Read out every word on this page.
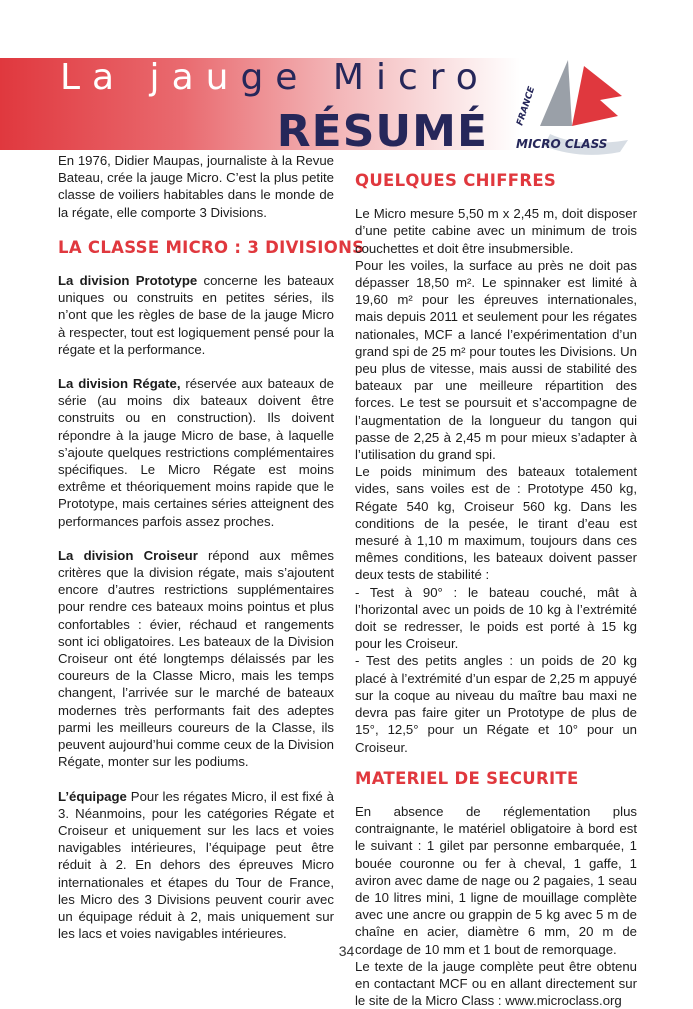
La jauge Micro
RÉSUMÉ	FRANCE
MICRO CLASS

En 1976, Didier Maupas, journaliste à la Revue Bateau, crée la jauge Micro. C’est la plus petite classe de voiliers habitables dans le monde de la régate, elle comporte 3 Divisions.

LA CLASSE MICRO : 3 DIVISIONS

La division Prototype concerne les bateaux uniques ou construits en petites séries, ils n’ont que les règles de base de la jauge Micro à respecter, tout est logiquement pensé pour la régate et la performance.

La division Régate, réservée aux bateaux de série (au moins dix bateaux doivent être construits ou en construction). Ils doivent répondre à la jauge Micro de base, à laquelle s’ajoute quelques restrictions complémentaires spécifiques. Le Micro Régate est moins extrême et théoriquement moins rapide que le Prototype, mais certaines séries atteignent des performances parfois assez proches.

La division Croiseur répond aux mêmes critères que la division régate, mais s’ajoutent encore d’autres restrictions supplémentaires pour rendre ces bateaux moins pointus et plus confortables : évier, réchaud et rangements sont ici obligatoires. Les bateaux de la Division Croiseur ont été longtemps délaissés par les coureurs de la Classe Micro, mais les temps changent, l’arrivée sur le marché de bateaux modernes très performants fait des adeptes parmi les meilleurs coureurs de la Classe, ils peuvent aujourd’hui comme ceux de la Division Régate, monter sur les podiums.

L’équipage Pour les régates Micro, il est fixé à 3. Néanmoins, pour les catégories Régate et Croiseur et uniquement sur les lacs et voies navigables intérieures, l’équipage peut être réduit à 2. En dehors des épreuves Micro internationales et étapes du Tour de France, les Micro des 3 Divisions peuvent courir avec un équipage réduit à 2, mais uniquement sur les lacs et voies navigables intérieures.

QUELQUES CHIFFRES

Le Micro mesure 5,50 m x 2,45 m, doit disposer d’une petite cabine avec un minimum de trois couchettes et doit être insubmersible.

Pour les voiles, la surface au près ne doit pas dépasser 18,50 m². Le spinnaker est limité à 19,60 m² pour les épreuves internationales, mais depuis 2011 et seulement pour les régates nationales, MCF a lancé l’expérimentation d’un grand spi de 25 m² pour toutes les Divisions. Un peu plus de vitesse, mais aussi de stabilité des bateaux par une meilleure répartition des forces. Le test se poursuit et s’accompagne de l’augmentation de la longueur du tangon qui passe de 2,25 à 2,45 m pour mieux s’adapter à l’utilisation du grand spi.

Le poids minimum des bateaux totalement vides, sans voiles est de : Prototype 450 kg, Régate 540 kg, Croiseur 560 kg. Dans les conditions de la pesée, le tirant d’eau est mesuré à 1,10 m maximum, toujours dans ces mêmes conditions, les bateaux doivent passer deux tests de stabilité :

- Test à 90° : le bateau couché, mât à l’horizontal avec un poids de 10 kg à l’extrémité doit se redresser, le poids est porté à 15 kg pour les Croiseur.

- Test des petits angles : un poids de 20 kg placé à l’extrémité d’un espar de 2,25 m appuyé sur la coque au niveau du maître bau maxi ne devra pas faire giter un Prototype de plus de 15°, 12,5° pour un Régate et 10° pour un Croiseur.

MATERIEL DE SECURITE

En absence de réglementation plus contraignante, le matériel obligatoire à bord est le suivant : 1 gilet par personne embarquée, 1 bouée couronne ou fer à cheval, 1 gaffe, 1 aviron avec dame de nage ou 2 pagaies, 1 seau de 10 litres mini, 1 ligne de mouillage complète avec une ancre ou grappin de 5 kg avec 5 m de chaîne en acier, diamètre 6 mm, 20 m de cordage de 10 mm et 1 bout de remorquage.

Le texte de la jauge complète peut être obtenu en contactant MCF ou en allant directement sur le site de la Micro Class : www.microclass.org

34
